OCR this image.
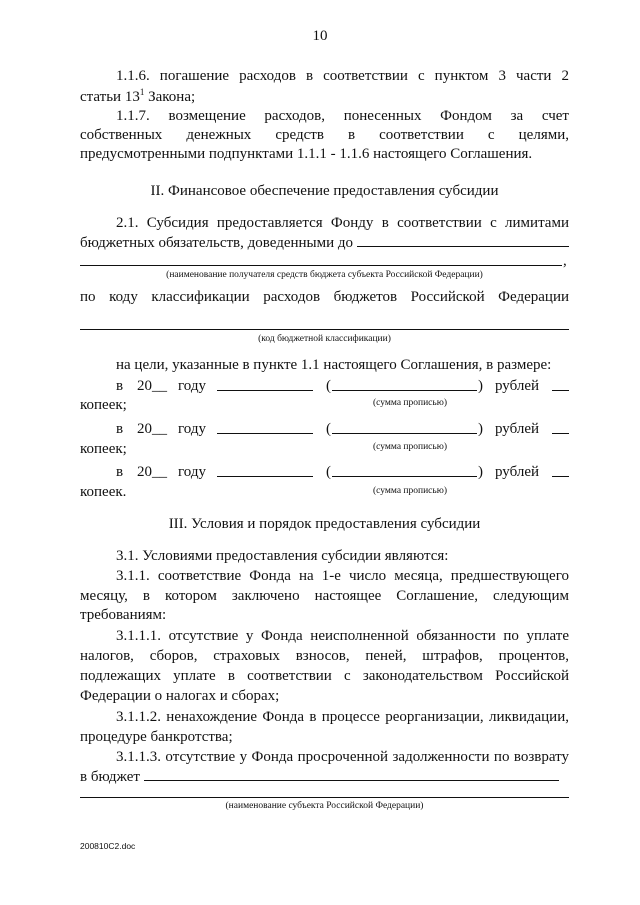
10
1.1.6. погашение расходов в соответствии с пунктом 3 части 2
статьи $13^1$ Закона;
1.1.7. возмещение расходов, понесенных Фондом за счет
собственных денежных средств в соответствии с целями,
предусмотренными подпунктами 1.1.1 - 1.1.6 настоящего Соглашения.
II. Финансовое обеспечение предоставления субсидии
2.1. Субсидия предоставляется Фонду в соответствии с лимитами
бюджетных обязательств, доведенными до
,
(наименование получателя средств бюджета субъекта Российской Федерации)
по коду классификации расходов бюджетов Российской Федерации
(код бюджетной классификации)
на цели, указанные в пункте 1.1 настоящего Соглашения, в размере:
в 20__ году	(	) рублей
копеек;	(сумма прописью)
в 20__ году	(	) рублей
копеек;	(сумма прописью)
в 20__ году	(	) рублей
копеек.	(сумма прописью)
III. Условия и порядок предоставления субсидии
3.1. Условиями предоставления субсидии являются:
3.1.1. соответствие Фонда на 1-е число месяца, предшествующего
месяцу, в котором заключено настоящее Соглашение, следующим
требованиям:
3.1.1.1. отсутствие у Фонда неисполненной обязанности по уплате
налогов, сборов, страховых взносов, пеней, штрафов, процентов,
подлежащих уплате в соответствии с законодательством Российской
Федерации о налогах и сборах;
3.1.1.2. ненахождение Фонда в процессе реорганизации, ликвидации,
процедуре банкротства;
3.1.1.3. отсутствие у Фонда просроченной задолженности по возврату
в бюджет
(наименование субъекта Российской Федерации)
200810C2.doc
